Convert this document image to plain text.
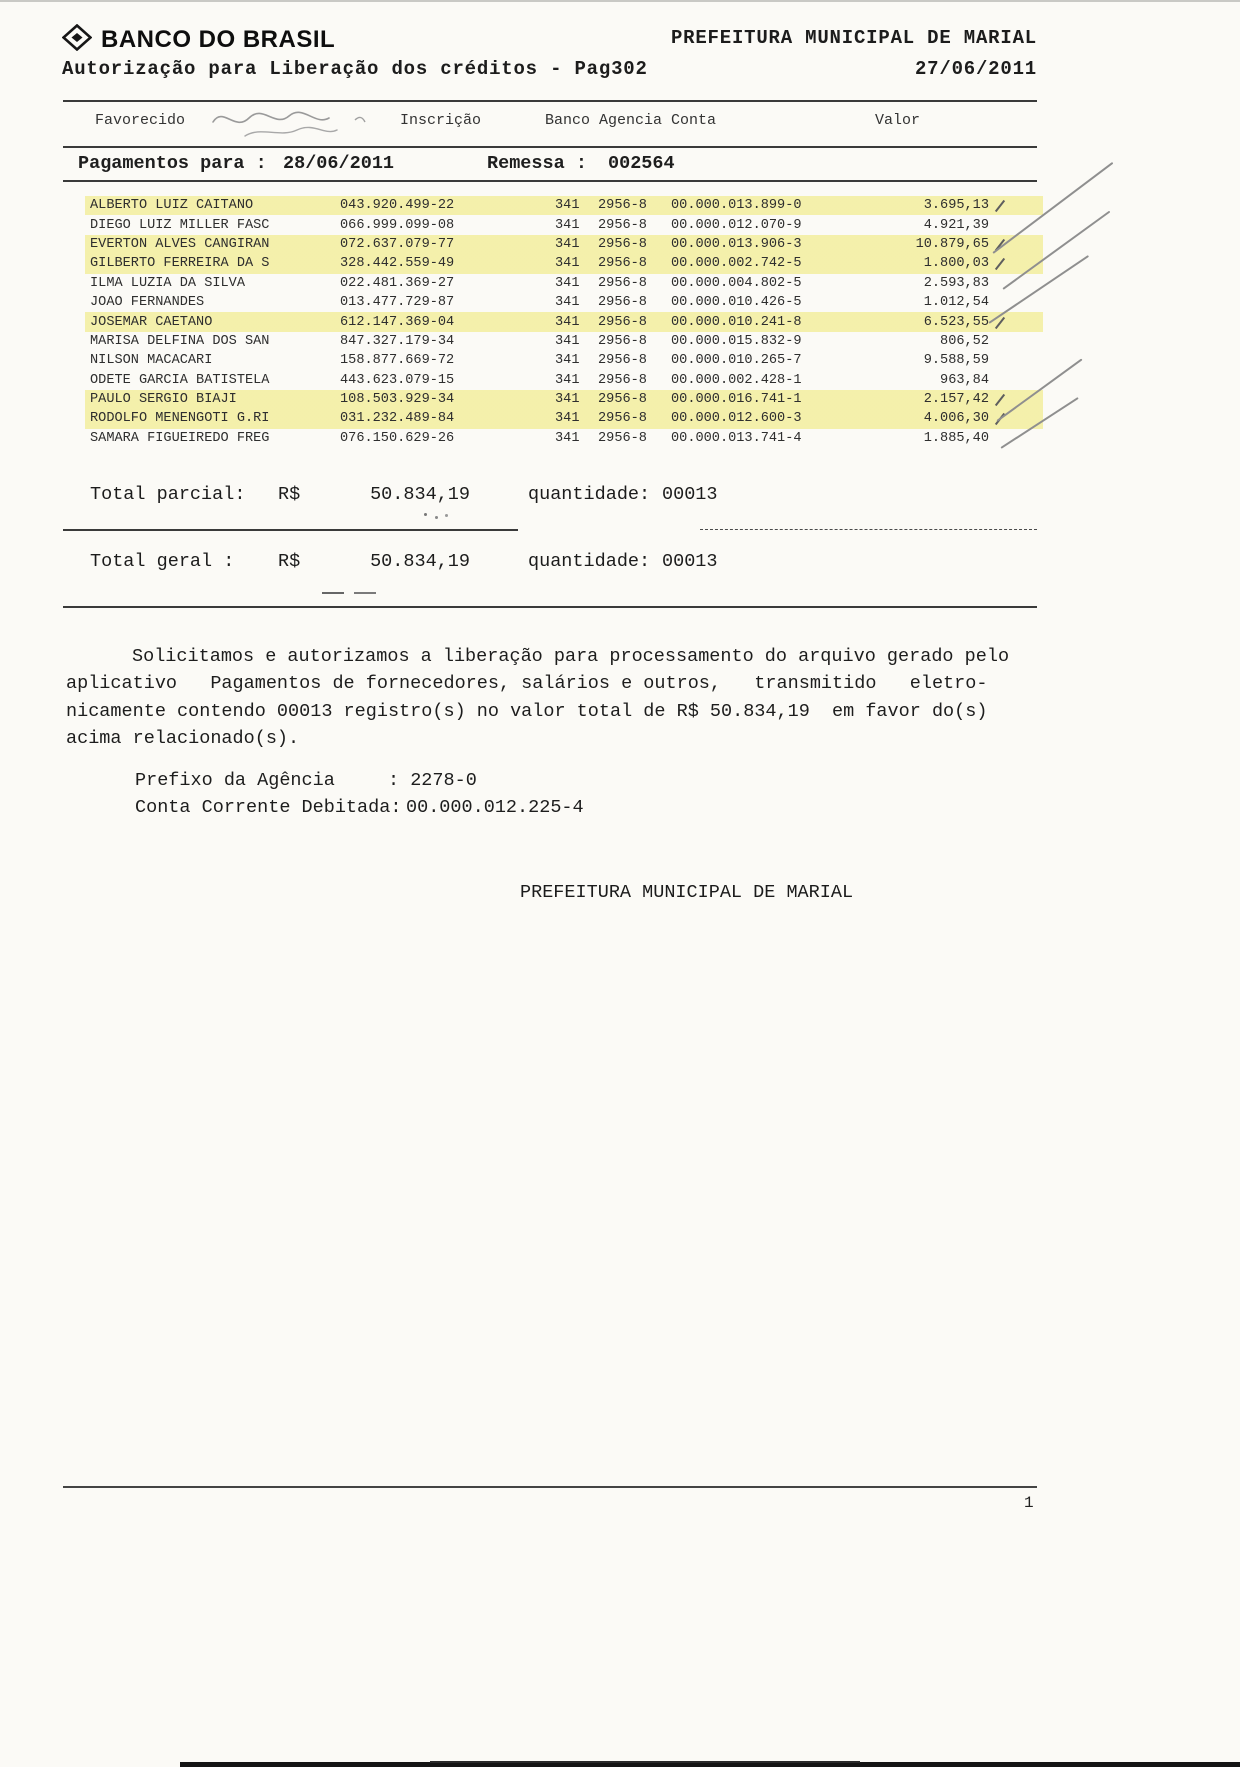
BANCO DO BRASIL
Autorização para Liberação dos créditos - Pag302
PREFEITURA MUNICIPAL DE MARIAL
27/06/2011
Favorecido	Inscrição	Banco Agencia Conta	Valor
Pagamentos para : 28/06/2011	Remessa : 002564
ALBERTO LUIZ CAITANO	043.920.499-22	341	2956-8	00.000.013.899-0	3.695,13
DIEGO LUIZ MILLER FASC	066.999.099-08	341	2956-8	00.000.012.070-9	4.921,39
EVERTON ALVES CANGIRAN	072.637.079-77	341	2956-8	00.000.013.906-3	10.879,65
GILBERTO FERREIRA DA S	328.442.559-49	341	2956-8	00.000.002.742-5	1.800,03
ILMA LUZIA DA SILVA	022.481.369-27	341	2956-8	00.000.004.802-5	2.593,83
JOAO FERNANDES	013.477.729-87	341	2956-8	00.000.010.426-5	1.012,54
JOSEMAR CAETANO	612.147.369-04	341	2956-8	00.000.010.241-8	6.523,55
MARISA DELFINA DOS SAN	847.327.179-34	341	2956-8	00.000.015.832-9	806,52
NILSON MACACARI	158.877.669-72	341	2956-8	00.000.010.265-7	9.588,59
ODETE GARCIA BATISTELA	443.623.079-15	341	2956-8	00.000.002.428-1	963,84
PAULO SERGIO BIAJI	108.503.929-34	341	2956-8	00.000.016.741-1	2.157,42
RODOLFO MENENGOTI G.RI	031.232.489-84	341	2956-8	00.000.012.600-3	4.006,30
SAMARA FIGUEIREDO FREG	076.150.629-26	341	2956-8	00.000.013.741-4	1.885,40
Total parcial: R$	50.834,19	quantidade: 00013
Total geral : R$	50.834,19	quantidade: 00013
Solicitamos e autorizamos a liberação para processamento do arquivo gerado pelo
aplicativo   Pagamentos de fornecedores, salários e outros,   transmitido   eletro-
nicamente contendo 00013 registro(s) no valor total de R$ 50.834,19  em favor do(s)
acima relacionado(s).
Prefixo da Agência	: 2278-0
Conta Corrente Debitada: 00.000.012.225-4
PREFEITURA MUNICIPAL DE MARIAL
1
